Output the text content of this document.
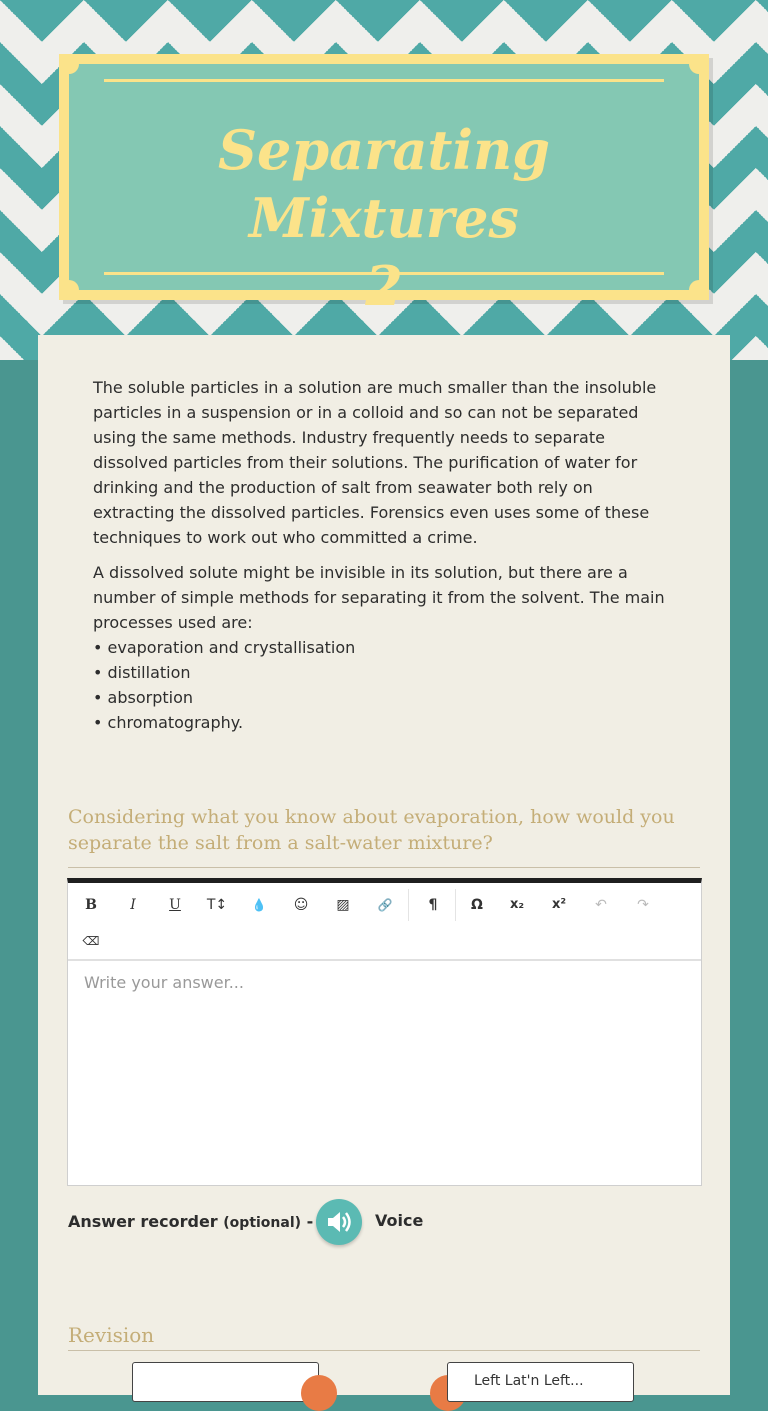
Separating Mixtures
2

The soluble particles in a solution are much smaller than the insoluble particles in a suspension or in a colloid and so can not be separated using the same methods. Industry frequently needs to separate dissolved particles from their solutions. The purification of water for drinking and the production of salt from seawater both rely on extracting the dissolved particles. Forensics even uses some of these techniques to work out who committed a crime.

A dissolved solute might be invisible in its solution, but there are a number of simple methods for separating it from the solvent. The main processes used are:
• evaporation and crystallisation
• distillation
• absorption
• chromatography.

Considering what you know about evaporation, how would you separate the salt from a salt-water mixture?
B	I	U	T↕	💧	☺	▨	🔗	¶	Ω	x₂	x²	↶	↷
⌫
Write your answer...
Answer recorder (optional) -	Voice
Revision
Left Lat'n Left...
